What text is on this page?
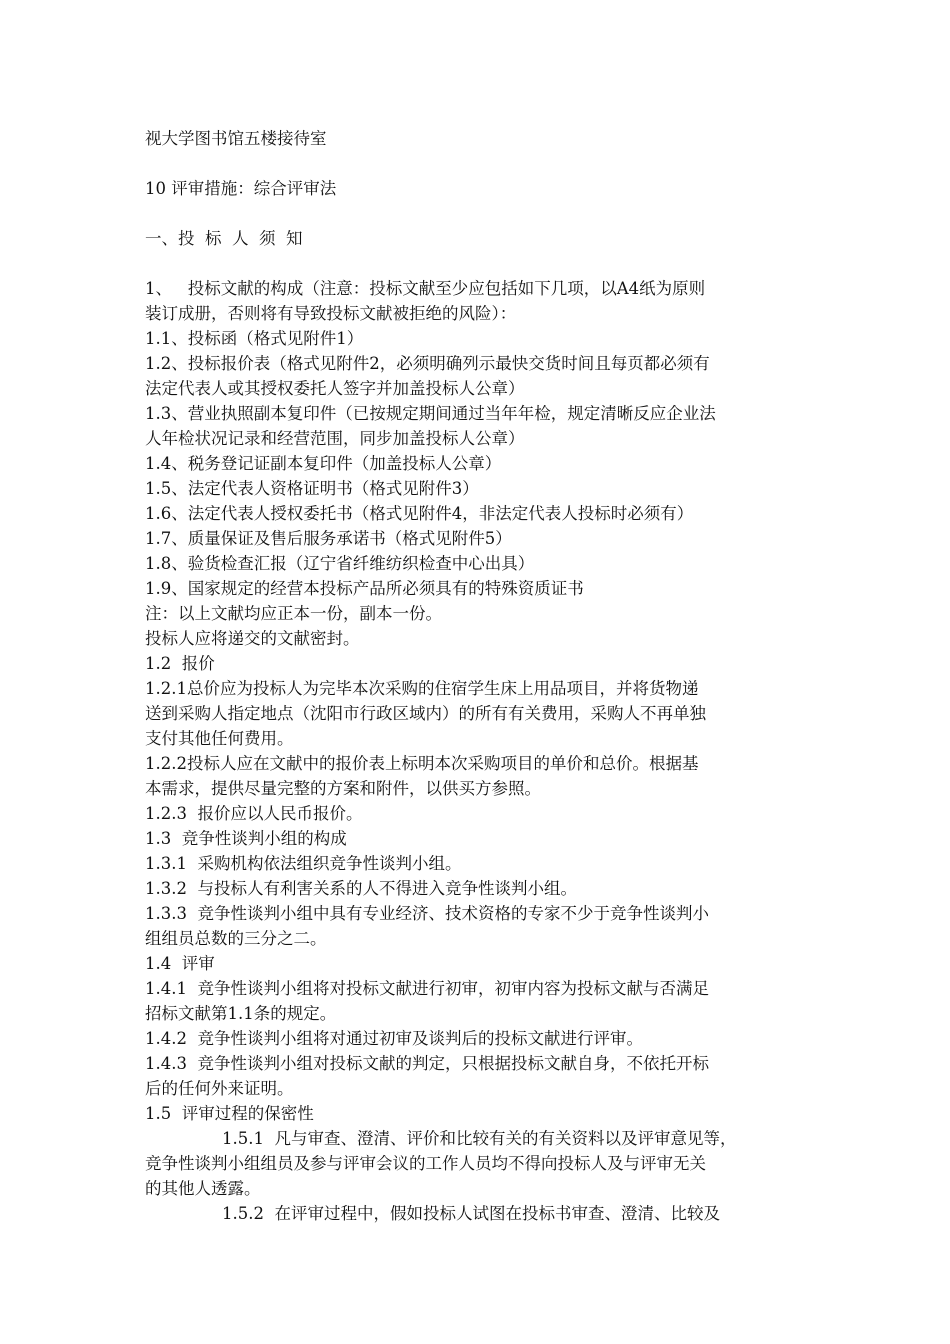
视大学图书馆五楼接待室
10 评审措施：综合评审法
一、投  标  人  须  知
1、   投标文献的构成（注意：投标文献至少应包括如下几项，以A4纸为原则
装订成册，否则将有导致投标文献被拒绝的风险）：
1.1、投标函（格式见附件1）
1.2、投标报价表（格式见附件2，必须明确列示最快交货时间且每页都必须有
法定代表人或其授权委托人签字并加盖投标人公章）
1.3、营业执照副本复印件（已按规定期间通过当年年检，规定清晰反应企业法
人年检状况记录和经营范围，同步加盖投标人公章）
1.4、税务登记证副本复印件（加盖投标人公章）
1.5、法定代表人资格证明书（格式见附件3）
1.6、法定代表人授权委托书（格式见附件4，非法定代表人投标时必须有）
1.7、质量保证及售后服务承诺书（格式见附件5）
1.8、验货检查汇报（辽宁省纤维纺织检查中心出具）
1.9、国家规定的经营本投标产品所必须具有的特殊资质证书
注：以上文献均应正本一份，副本一份。
投标人应将递交的文献密封。
1.2  报价
1.2.1总价应为投标人为完毕本次采购的住宿学生床上用品项目，并将货物递
送到采购人指定地点（沈阳市行政区域内）的所有有关费用，采购人不再单独
支付其他任何费用。
1.2.2投标人应在文献中的报价表上标明本次采购项目的单价和总价。根据基
本需求，提供尽量完整的方案和附件，以供买方参照。
1.2.3  报价应以人民币报价。
1.3  竞争性谈判小组的构成
1.3.1  采购机构依法组织竞争性谈判小组。
1.3.2  与投标人有利害关系的人不得进入竞争性谈判小组。
1.3.3  竞争性谈判小组中具有专业经济、技术资格的专家不少于竞争性谈判小
组组员总数的三分之二。
1.4  评审
1.4.1  竞争性谈判小组将对投标文献进行初审，初审内容为投标文献与否满足
招标文献第1.1条的规定。
1.4.2  竞争性谈判小组将对通过初审及谈判后的投标文献进行评审。
1.4.3  竞争性谈判小组对投标文献的判定，只根据投标文献自身，不依托开标
后的任何外来证明。
1.5  评审过程的保密性
1.5.1  凡与审查、澄清、评价和比较有关的有关资料以及评审意见等，
竞争性谈判小组组员及参与评审会议的工作人员均不得向投标人及与评审无关
的其他人透露。
1.5.2  在评审过程中，假如投标人试图在投标书审查、澄清、比较及
